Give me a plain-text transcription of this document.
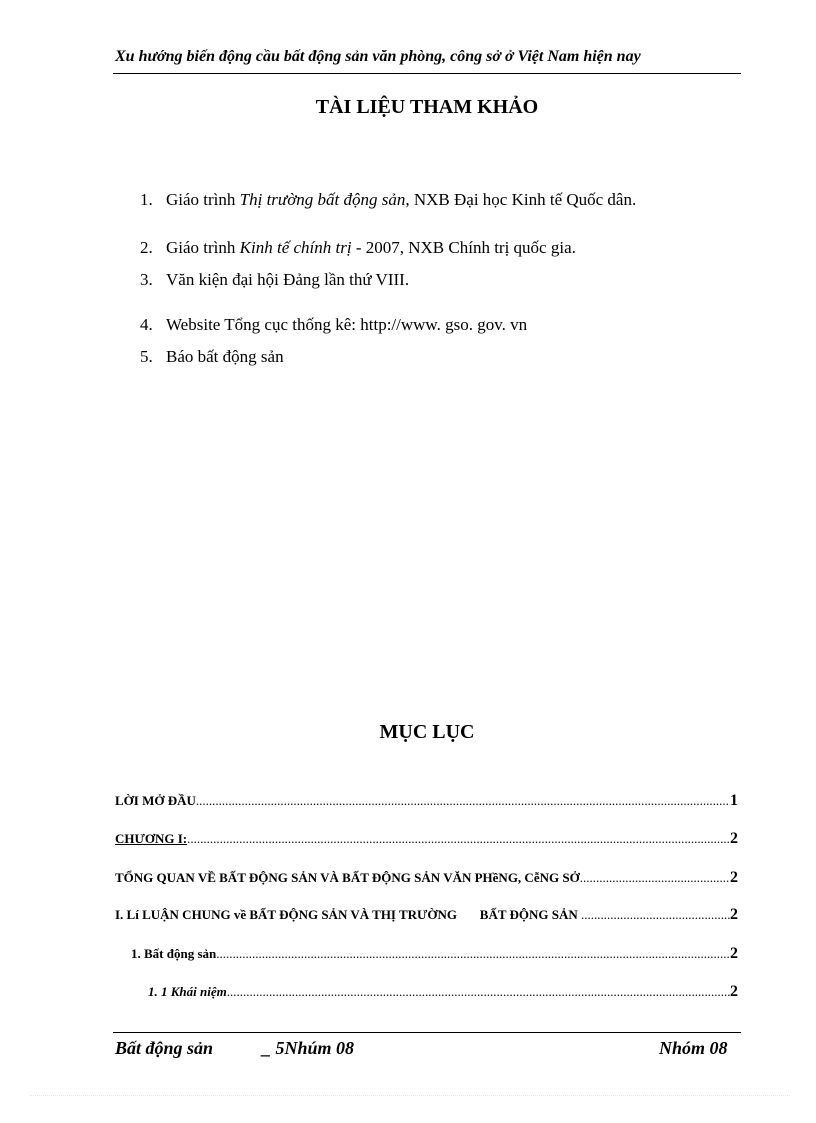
Xu hướng biến động cầu bất động sản văn phòng, công sở ở Việt Nam hiện nay
TÀI LIỆU THAM KHẢO
1. Giáo trình Thị trường bất động sản, NXB Đại học Kinh tế Quốc dân.
2. Giáo trình Kinh tế chính trị - 2007, NXB Chính trị quốc gia.
3. Văn kiện đại hội Đảng lần thứ VIII.
4. Website Tổng cục thống kê: http://www. gso. gov. vn
5. Báo bất động sản
MỤC LỤC
LỜI MỞ ĐẦU .....	1
CHƯƠNG I: .....	2
TỔNG QUAN VỀ BẤT ĐỘNG SẢN VÀ BẤT ĐỘNG SẢN VĂN PHềNG, CễNG SỞ .....	2
I. Lí LUẬN CHUNG về BẤT ĐỘNG SẢN VÀ THỊ TRƯỜNG       BẤT ĐỘNG SẢN .....	2
1. Bất động sản .....	2
1. 1 Khái niệm .....	2
Bất động sản	_ 5Nhúm 08	Nhóm 08
